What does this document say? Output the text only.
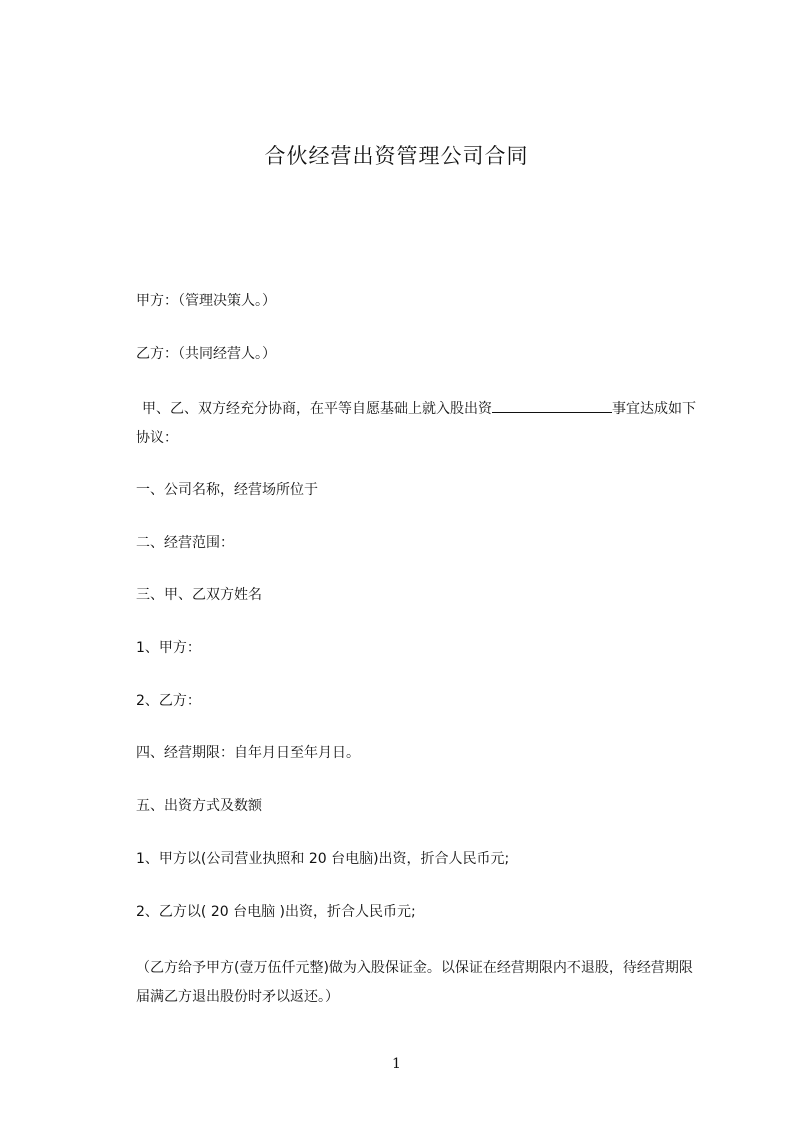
合伙经营出资管理公司合同
甲方：（管理决策人。）
乙方：（共同经营人。）
甲、乙、双方经充分协商，在平等自愿基础上就入股出资	事宜达成如下协议：
一、公司名称，经营场所位于
二、经营范围：
三、甲、乙双方姓名
1、甲方：
2、乙方：
四、经营期限：自年月日至年月日。
五、出资方式及数额
1、甲方以(公司营业执照和 20 台电脑)出资，折合人民币元;
2、乙方以( 20 台电脑 )出资，折合人民币元;
（乙方给予甲方(壹万伍仟元整)做为入股保证金。以保证在经营期限内不退股，待经营期限届满乙方退出股份时矛以返还。）
1
